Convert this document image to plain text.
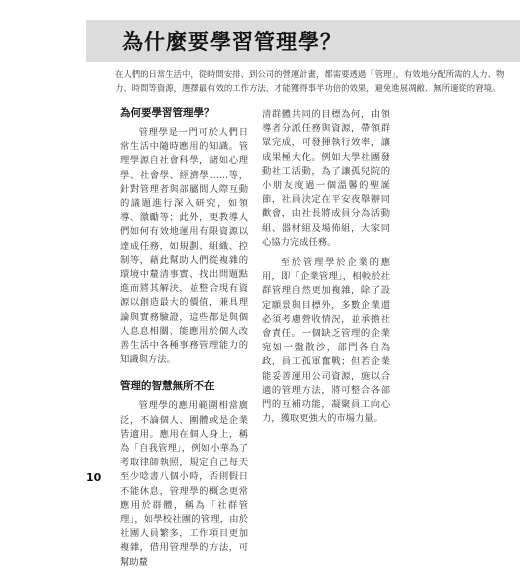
為什麼要學習管理學？

在人們的日常生活中，從時間安排、到公司的營運計畫，都需要透過「管理」，有效地分配所需的人力、物力、時間等資源，選擇最有效的工作方法，才能獲得事半功倍的效果，避免進展凋敝、無所適從的窘境。

為何要學習管理學？

管理學是一門可於人們日常生活中隨時應用的知識。管理學源自社會科學，諸如心理學、社會學、經濟學……等，針對管理者與部屬間人際互動的議題進行深入研究，如領導、激勵等；此外，更教導人們如何有效地運用有限資源以達成任務，如規劃、組織、控制等，藉此幫助人們從複雜的環境中釐清事實、找出問題點進而將其解決，並整合現有資源以創造最大的價值，兼具理論與實務驗證，這些都是與個人息息相關、能應用於個人改善生活中各種事務管理能力的知識與方法。

管理的智慧無所不在

管理學的應用範圍相當廣泛，不論個人、團體或是企業皆適用。應用在個人身上，稱為「自我管理」，例如小華為了考取律師執照，規定自己每天至少唸書八個小時，否則假日不能休息，管理學的概念更常應用於群體，稱為「社群管理」，如學校社團的管理，由於社團人員繁多，工作項目更加複雜，借用管理學的方法，可幫助釐

清群體共同的目標為何，由領導者分派任務與資源，帶領群眾完成，可發揮執行效率，讓成果極大化。例如大學社團發動社工活動，為了讓孤兒院的小朋友度過一個溫馨的聖誕節，社員決定在平安夜舉辦同歡會，由社長將成員分為活動組、器材組及場佈組，大家同心協力完成任務。

至於管理學於企業的應用，即「企業管理」，相較於社群管理自然更加複雜，除了設定願景與目標外，多數企業還必須考慮營收情況，並承擔社會責任。一個缺乏管理的企業宛如一盤散沙，部門各自為政，員工孤軍奮戰；但若企業能妥善運用公司資源，施以合適的管理方法，將可整合各部門的互補功能，凝聚員工向心力，獲取更強大的市場力量。

10
